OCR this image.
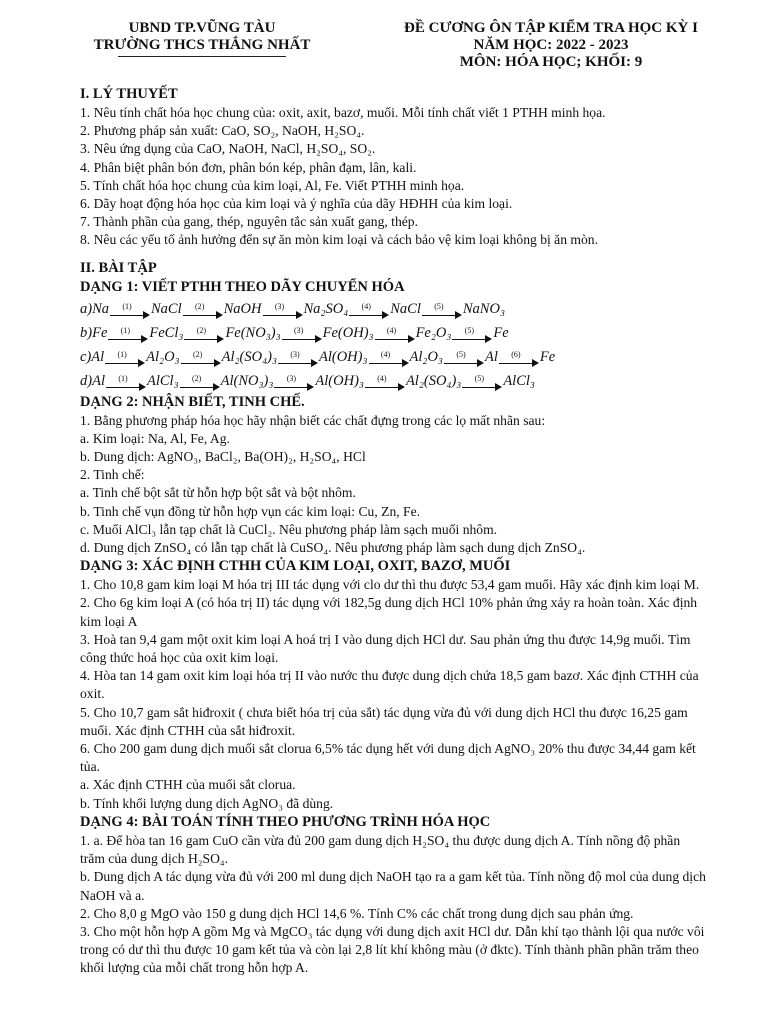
UBND TP.VŨNG TÀU
TRƯỜNG THCS THẮNG NHẤT
ĐỀ CƯƠNG ÔN TẬP KIỂM TRA HỌC KỲ I
NĂM HỌC: 2022 - 2023
MÔN: HÓA HỌC; KHỐI: 9
I. LÝ THUYẾT
1. Nêu tính chất hóa học chung của: oxit, axit, bazơ, muối. Mỗi tính chất viết 1 PTHH minh họa.
2. Phương pháp sản xuất: CaO, SO₂, NaOH, H₂SO₄.
3. Nêu ứng dụng của CaO, NaOH, NaCl, H₂SO₄, SO₂.
4. Phân biệt phân bón đơn, phân bón kép, phân đạm, lân, kali.
5. Tính chất hóa học chung của kim loại, Al, Fe. Viết PTHH minh họa.
6. Dãy hoạt động hóa học của kim loại và ý nghĩa của dãy HĐHH của kim loại.
7. Thành phần của gang, thép, nguyên tắc sản xuất gang, thép.
8. Nêu các yếu tố ảnh hưởng đến sự ăn mòn kim loại và cách bảo vệ kim loại không bị ăn mòn.
II. BÀI TẬP
DẠNG 1: VIẾT PTHH THEO DÃY CHUYỂN HÓA
a) Na	(1)	NaCl	(2)	NaOH	(3)	Na₂SO₄	(4)	NaCl	(5)	NaNO₃
b) Fe	(1)	FeCl₃	(2)	Fe(NO₃)₃	(3)	Fe(OH)₃	(4)	Fe₂O₃	(5)	Fe
c) Al	(1)	Al₂O₃	(2)	Al₂(SO₄)₃	(3)	Al(OH)₃	(4)	Al₂O₃	(5)	Al	(6)	Fe
d) Al	(1)	AlCl₃	(2)	Al(NO₃)₃	(3)	Al(OH)₃	(4)	Al₂(SO₄)₃	(5)	AlCl₃
DẠNG 2: NHẬN BIẾT, TINH CHẾ.
1. Bằng phương pháp hóa học hãy nhận biết các chất đựng trong các lọ mất nhãn sau:
a. Kim loại: Na, Al, Fe, Ag.
b. Dung dịch: AgNO₃, BaCl₂, Ba(OH)₂, H₂SO₄, HCl
2. Tinh chế:
a. Tinh chế bột sắt từ hỗn hợp bột sắt và bột nhôm.
b. Tinh chế vụn đồng từ hỗn hợp vụn các kim loại: Cu, Zn, Fe.
c. Muối AlCl₃ lẫn tạp chất là CuCl₂. Nêu phương pháp làm sạch muối nhôm.
d. Dung dịch ZnSO₄ có lẫn tạp chất là CuSO₄. Nêu phương pháp làm sạch dung dịch ZnSO₄.
DẠNG 3: XÁC ĐỊNH CTHH CỦA KIM LOẠI, OXIT, BAZƠ, MUỐI
1. Cho 10,8 gam kim loại M hóa trị III tác dụng với clo dư thì thu được 53,4 gam muối. Hãy xác định kim loại M.
2. Cho 6g kim loại A (có hóa trị II) tác dụng với 182,5g dung dịch HCl 10% phản ứng xảy ra hoàn toàn. Xác định kim loại A
3. Hoà tan 9,4 gam một oxit kim loại A hoá trị I vào dung dịch HCl dư. Sau phản ứng thu được 14,9g muối. Tìm công thức hoá học của oxit kim loại.
4. Hòa tan 14 gam oxit kim loại hóa trị II vào nước thu được dung dịch chứa 18,5 gam bazơ. Xác định CTHH của oxit.
5. Cho 10,7 gam sắt hiđroxit ( chưa biết hóa trị của sắt) tác dụng vừa đủ với dung dịch HCl thu được 16,25 gam muối. Xác định CTHH của sắt hiđroxit.
6. Cho 200 gam dung dịch muối sắt clorua 6,5% tác dụng hết với dung dịch AgNO₃ 20% thu được 34,44 gam kết tủa.
a. Xác định CTHH của muối sắt clorua.
b. Tính khối lượng dung dịch AgNO₃ đã dùng.
DẠNG 4: BÀI TOÁN TÍNH THEO PHƯƠNG TRÌNH HÓA HỌC
1. a. Để hòa tan 16 gam CuO cần vừa đủ 200 gam dung dịch H₂SO₄ thu được dung dịch A. Tính nồng độ phần trăm của dung dịch H₂SO₄.
b. Dung dịch A tác dụng vừa đủ với 200 ml dung dịch NaOH tạo ra a gam kết tủa. Tính nồng độ mol của dung dịch NaOH và a.
2. Cho 8,0 g MgO vào 150 g dung dịch HCl 14,6 %. Tính C% các chất trong dung dịch sau phản ứng.
3. Cho một hỗn hợp A gồm Mg và MgCO₃ tác dụng với dung dịch axit HCl dư. Dẫn khí tạo thành lội qua nước vôi trong có dư thì thu được 10 gam kết tủa và còn lại 2,8 lít khí không màu (ở đktc). Tính thành phần phần trăm theo khối lượng của mỗi chất trong hỗn hợp A.
